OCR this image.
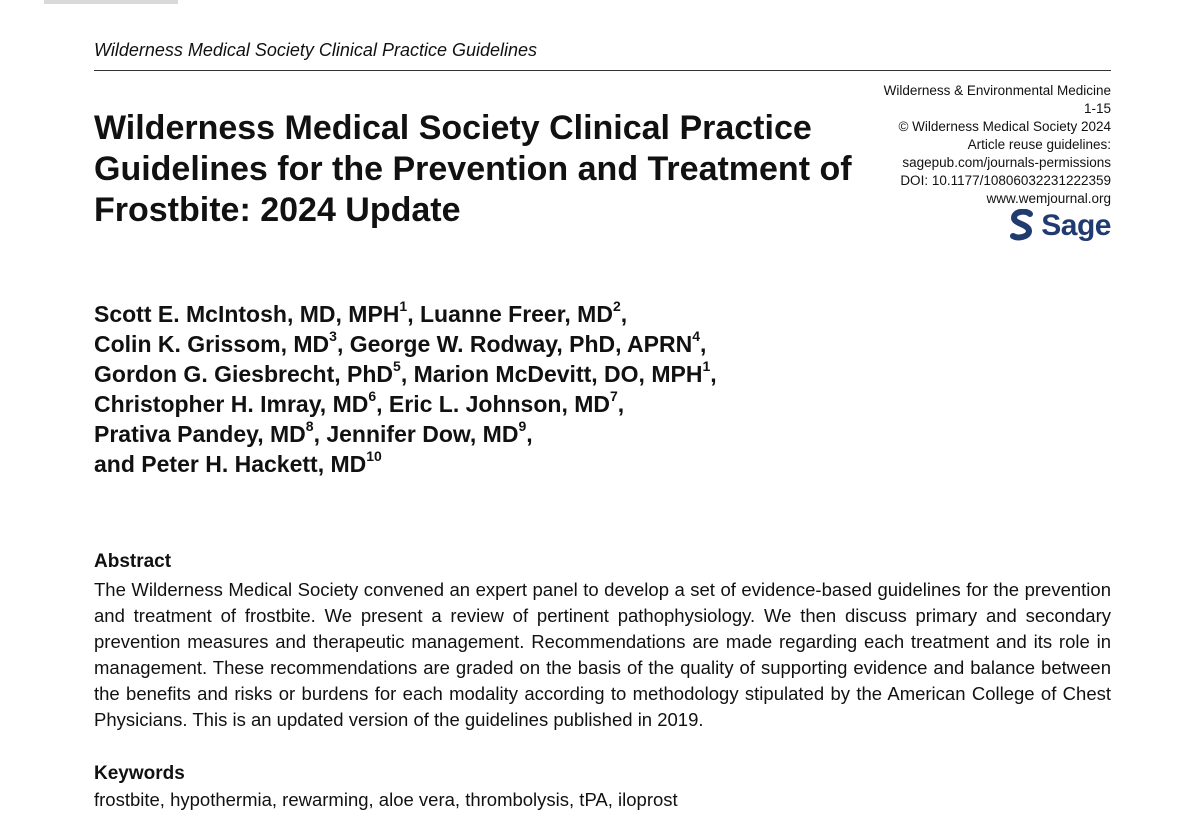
Wilderness Medical Society Clinical Practice Guidelines
Wilderness & Environmental Medicine
1-15
© Wilderness Medical Society 2024
Article reuse guidelines:
sagepub.com/journals-permissions
DOI: 10.1177/10806032231222359
www.wemjournal.org
Sage
Wilderness Medical Society Clinical Practice Guidelines for the Prevention and Treatment of Frostbite: 2024 Update
Scott E. McIntosh, MD, MPH$^1$, Luanne Freer, $MD^2$,
Colin K. Grissom, $MD^3$, George W. Rodway, PhD, APRN$^4$,
Gordon G. Giesbrecht, PhD$^5$, Marion McDevitt, DO, MPH$^1$,
Christopher H. Imray, $MD^6$, Eric L. Johnson, $MD^7$,
Prativa Pandey, $MD^8$, Jennifer Dow, $MD^9$,
and Peter H. Hackett, MD$^{10}$
Abstract
The Wilderness Medical Society convened an expert panel to develop a set of evidence-based guidelines for the prevention and treatment of frostbite. We present a review of pertinent pathophysiology. We then discuss primary and secondary prevention measures and therapeutic management. Recommendations are made regarding each treatment and its role in management. These recommendations are graded on the basis of the quality of supporting evidence and balance between the benefits and risks or burdens for each modality according to methodology stipulated by the American College of Chest Physicians. This is an updated version of the guidelines published in 2019.
Keywords
frostbite, hypothermia, rewarming, aloe vera, thrombolysis, tPA, iloprost
